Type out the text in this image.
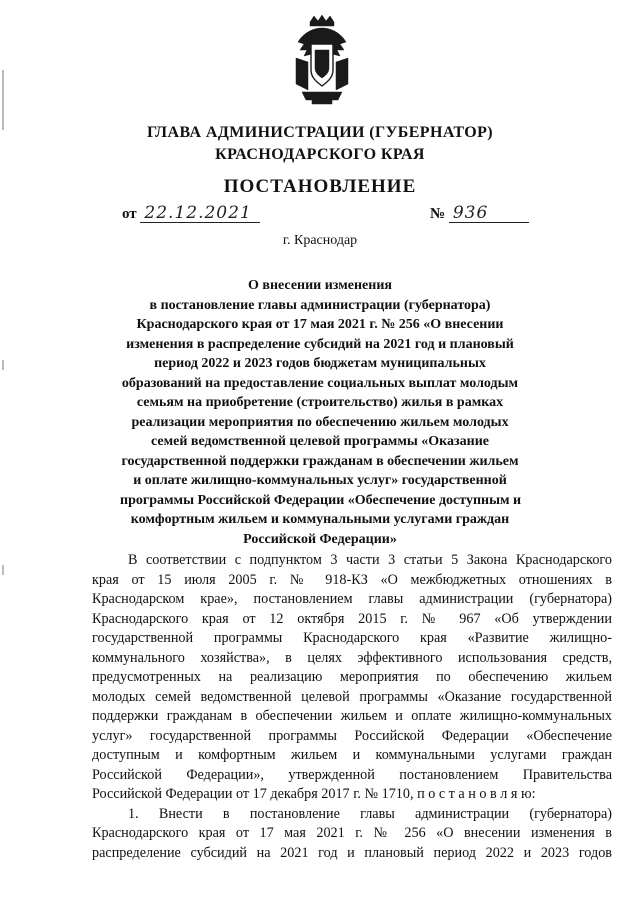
ГЛАВА АДМИНИСТРАЦИИ (ГУБЕРНАТОР)
КРАСНОДАРСКОГО КРАЯ
ПОСТАНОВЛЕНИЕ
от 22.12.2021	№ 936
г. Краснодар
О внесении изменения
в постановление главы администрации (губернатора)
Краснодарского края от 17 мая 2021 г. № 256 «О внесении
изменения в распределение субсидий на 2021 год и плановый
период 2022 и 2023 годов бюджетам муниципальных
образований на предоставление социальных выплат молодым
семьям на приобретение (строительство) жилья в рамках
реализации мероприятия по обеспечению жильем молодых
семей ведомственной целевой программы «Оказание
государственной поддержки гражданам в обеспечении жильем
и оплате жилищно-коммунальных услуг» государственной
программы Российской Федерации «Обеспечение доступным и
комфортным жильем и коммунальными услугами граждан
Российской Федерации»
В соответствии с подпунктом 3 части 3 статьи 5 Закона Краснодарского
края от 15 июля 2005 г. № 918-КЗ «О межбюджетных отношениях в
Краснодарском крае», постановлением главы администрации (губернатора)
Краснодарского края от 12 октября 2015 г. № 967 «Об утверждении
государственной программы Краснодарского края «Развитие жилищно-
коммунального хозяйства», в целях эффективного использования средств,
предусмотренных на реализацию мероприятия по обеспечению жильем
молодых семей ведомственной целевой программы «Оказание государственной
поддержки гражданам в обеспечении жильем и оплате жилищно-коммунальных
услуг» государственной программы Российской Федерации «Обеспечение
доступным и комфортным жильем и коммунальными услугами граждан
Российской Федерации», утвержденной постановлением Правительства
Российской Федерации от 17 декабря 2017 г. № 1710, п о с т а н о в л я ю:
1. Внести в постановление главы администрации (губернатора)
Краснодарского края от 17 мая 2021 г. № 256 «О внесении изменения в
распределение субсидий на 2021 год и плановый период 2022 и 2023 годов
